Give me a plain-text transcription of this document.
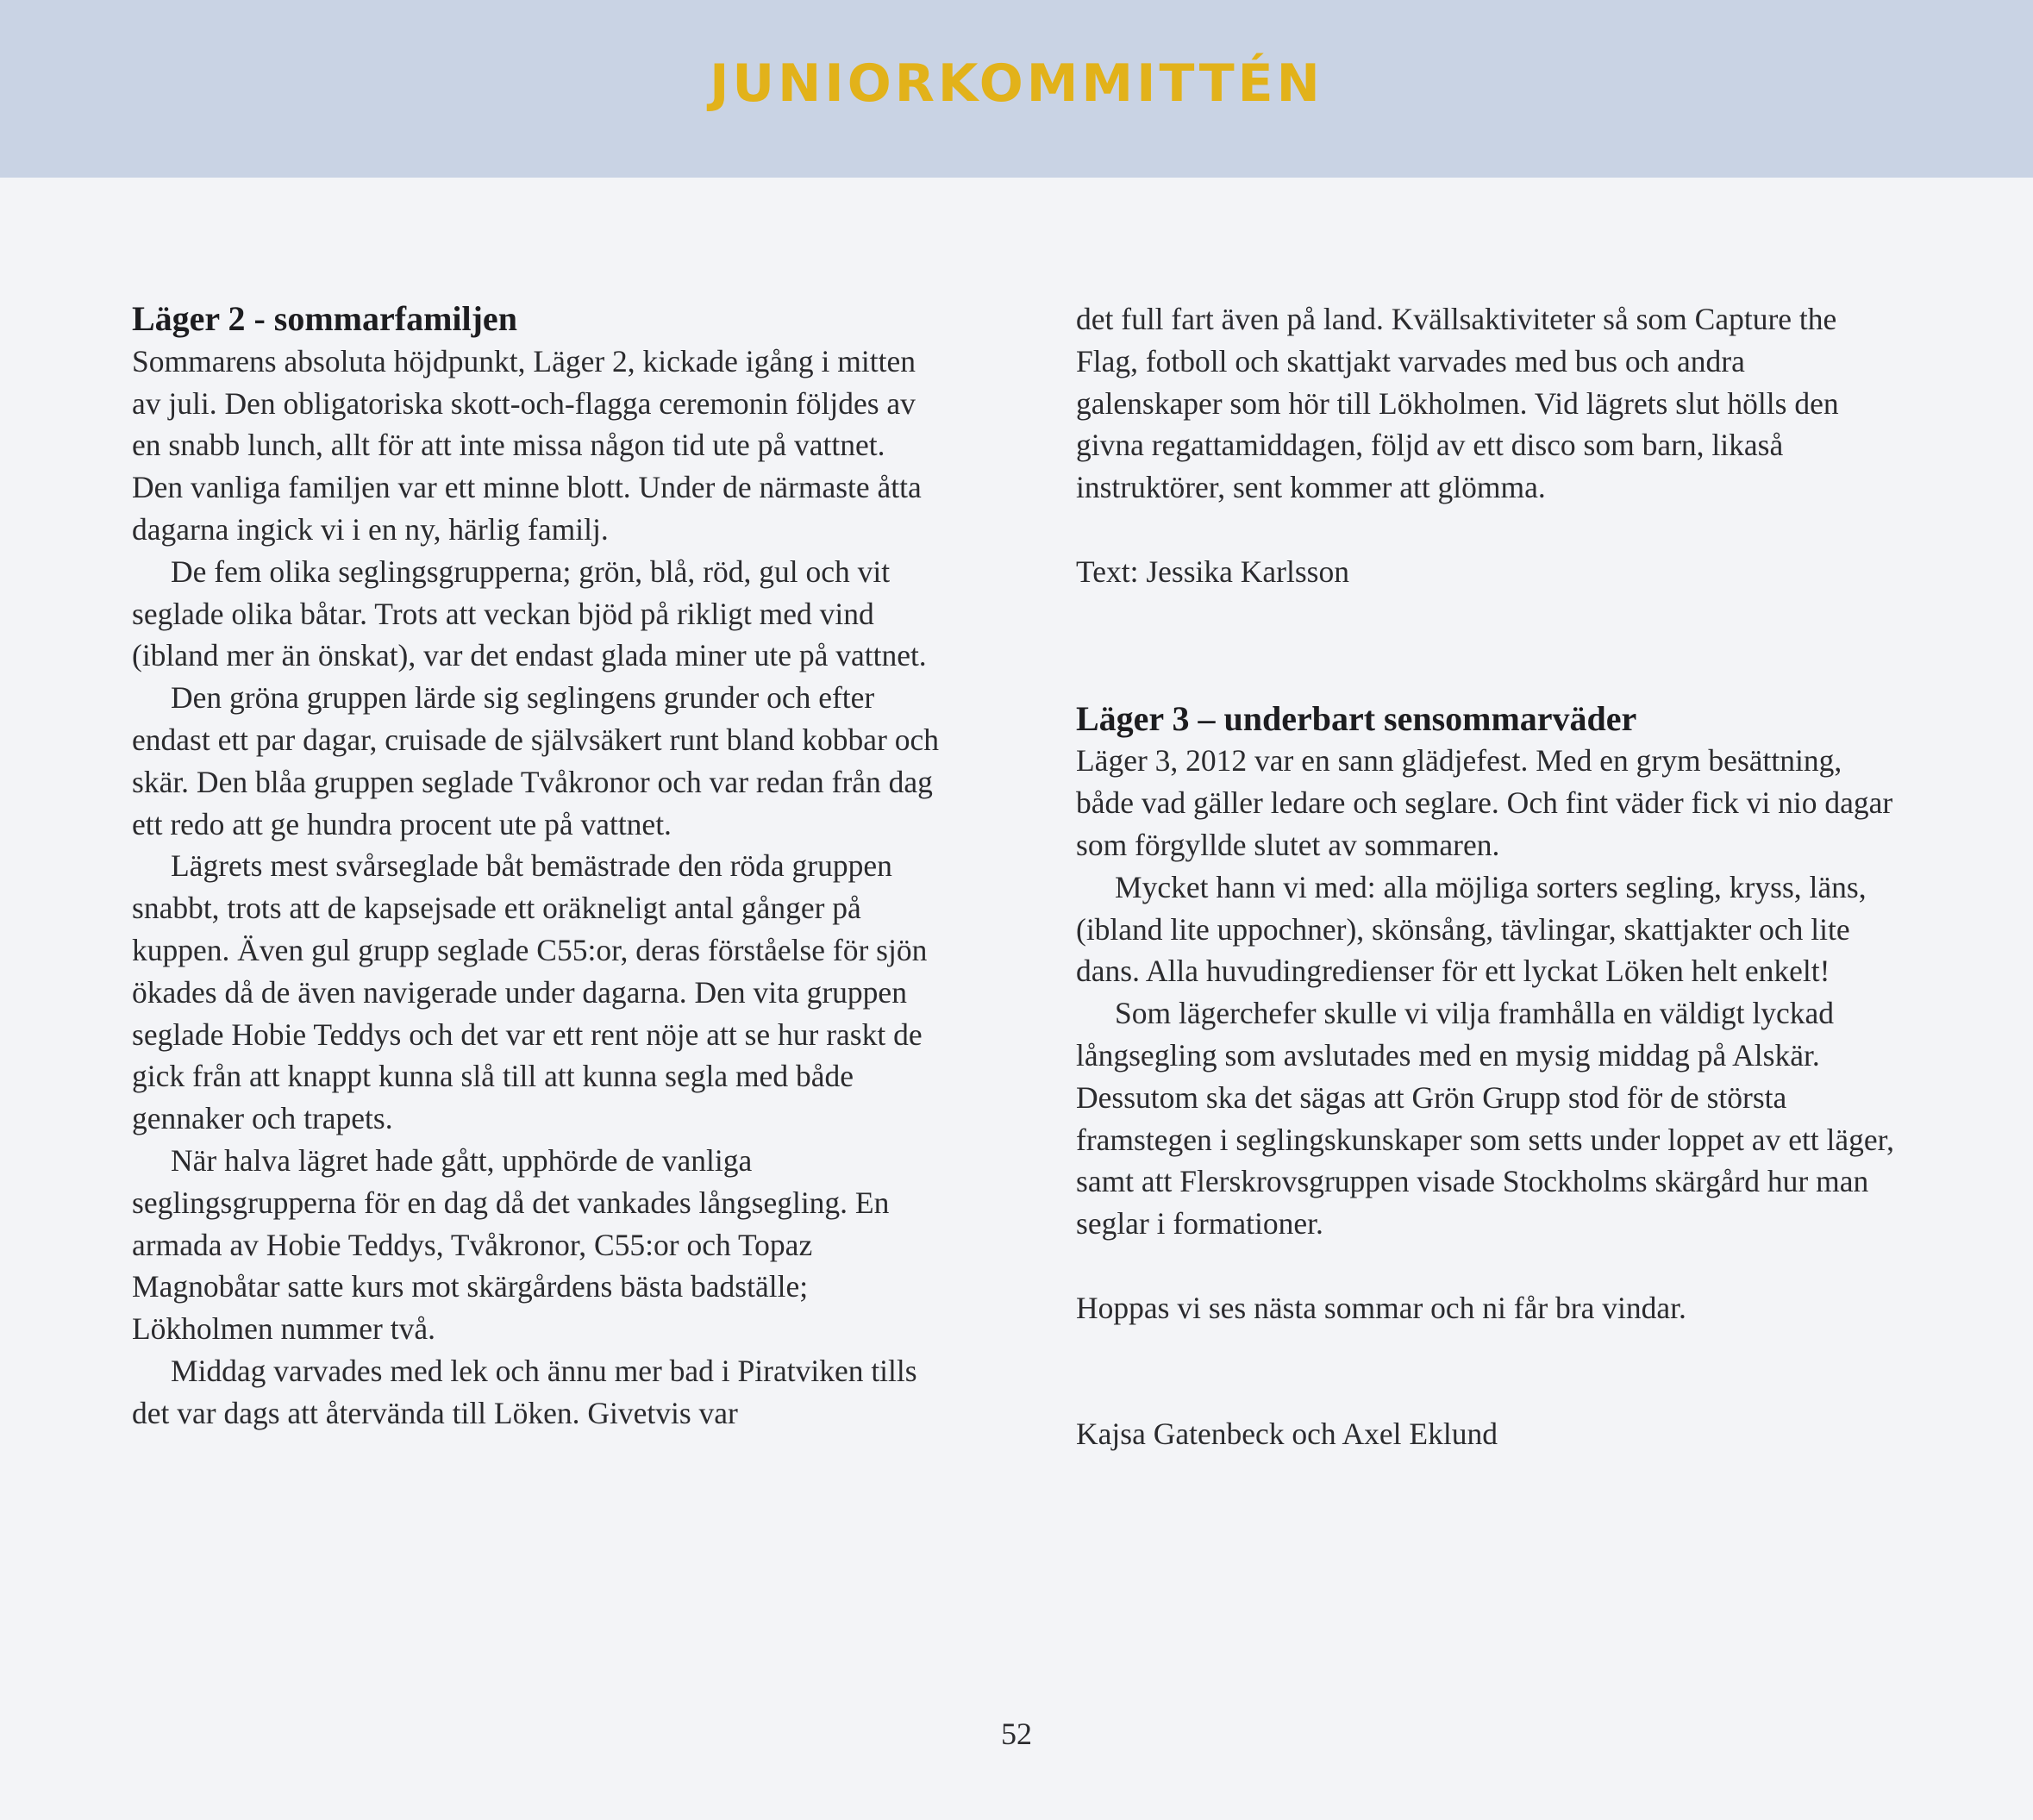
JUNIORKOMMITTÉN
Läger 2 - sommarfamiljen

Sommarens absoluta höjdpunkt, Läger 2, kickade igång i mitten av juli. Den obligatoriska skott-och-flagga ceremonin följdes av en snabb lunch, allt för att inte missa någon tid ute på vattnet. Den vanliga familjen var ett minne blott. Under de närmaste åtta dagarna ingick vi i en ny, härlig familj.

De fem olika seglingsgrupperna; grön, blå, röd, gul och vit seglade olika båtar. Trots att veckan bjöd på rikligt med vind (ibland mer än önskat), var det endast glada miner ute på vattnet.

Den gröna gruppen lärde sig seglingens grunder och efter endast ett par dagar, cruisade de självsäkert runt bland kobbar och skär. Den blåa gruppen seglade Tvåkronor och var redan från dag ett redo att ge hundra procent ute på vattnet.

Lägrets mest svårseglade båt bemästrade den röda gruppen snabbt, trots att de kapsejsade ett oräkneligt antal gånger på kuppen. Även gul grupp seglade C55:or, deras förståelse för sjön ökades då de även navigerade under dagarna. Den vita gruppen seglade Hobie Teddys och det var ett rent nöje att se hur raskt de gick från att knappt kunna slå till att kunna segla med både gennaker och trapets.

När halva lägret hade gått, upphörde de vanliga seglingsgrupperna för en dag då det vankades långsegling. En armada av Hobie Teddys, Tvåkronor, C55:or och Topaz Magnobåtar satte kurs mot skärgårdens bästa badställe; Lökholmen nummer två.

Middag varvades med lek och ännu mer bad i Piratviken tills det var dags att återvända till Löken. Givetvis var

det full fart även på land. Kvällsaktiviteter så som Capture the Flag, fotboll och skattjakt varvades med bus och andra galenskaper som hör till Lökholmen. Vid lägrets slut hölls den givna regattamiddagen, följd av ett disco som barn, likaså instruktörer, sent kommer att glömma.

Text: Jessika Karlsson

Läger 3 – underbart sensommarväder

Läger 3, 2012 var en sann glädjefest. Med en grym besättning, både vad gäller ledare och seglare. Och fint väder fick vi nio dagar som förgyllde slutet av sommaren.

Mycket hann vi med: alla möjliga sorters segling, kryss, läns, (ibland lite uppochner), skönsång, tävlingar, skattjakter och lite dans. Alla huvudingredienser för ett lyckat Löken helt enkelt!

Som lägerchefer skulle vi vilja framhålla en väldigt lyckad långsegling som avslutades med en mysig middag på Alskär. Dessutom ska det sägas att Grön Grupp stod för de största framstegen i seglingskunskaper som setts under loppet av ett läger, samt att Flerskrovsgruppen visade Stockholms skärgård hur man seglar i formationer.

Hoppas vi ses nästa sommar och ni får bra vindar.

Kajsa Gatenbeck och Axel Eklund

52
